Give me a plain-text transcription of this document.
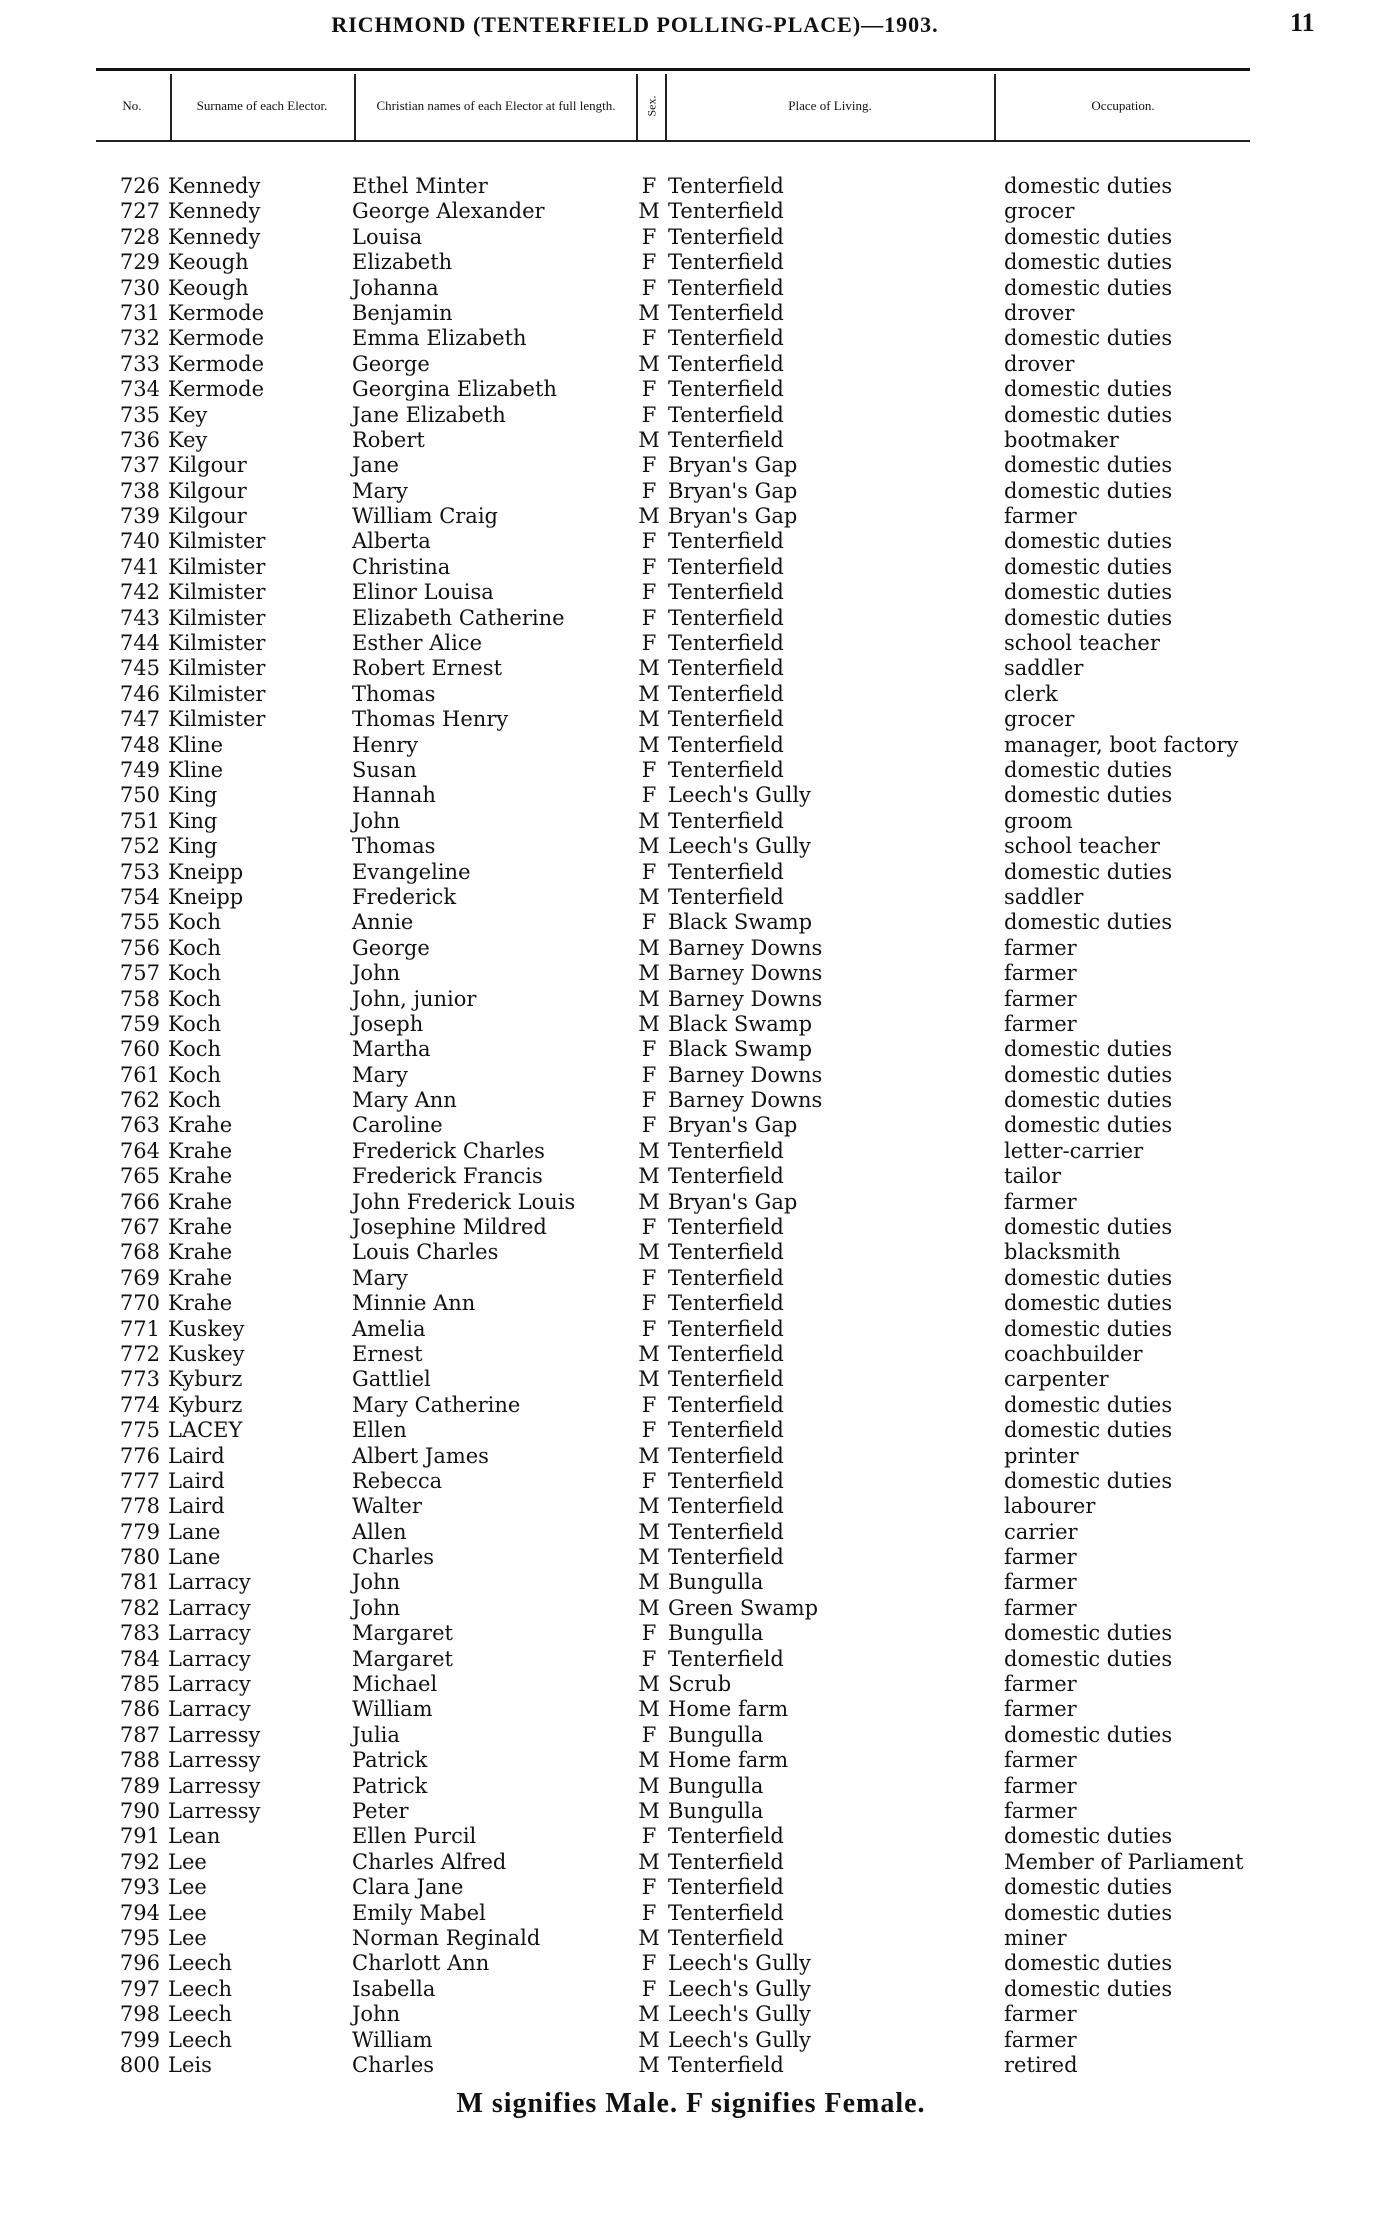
RICHMOND (TENTERFIELD POLLING-PLACE)—1903.	11
No.	Surname of each Elector.	Christian names of each Elector at full length.	Sex.	Place of Living.	Occupation.
726 Kennedy	Ethel Minter	F Tenterfield	domestic duties
727 Kennedy	George Alexander	M Tenterfield	grocer
728 Kennedy	Louisa	F Tenterfield	domestic duties
729 Keough	Elizabeth	F Tenterfield	domestic duties
730 Keough	Johanna	F Tenterfield	domestic duties
731 Kermode	Benjamin	M Tenterfield	drover
732 Kermode	Emma Elizabeth	F Tenterfield	domestic duties
733 Kermode	George	M Tenterfield	drover
734 Kermode	Georgina Elizabeth	F Tenterfield	domestic duties
735 Key	Jane Elizabeth	F Tenterfield	domestic duties
736 Key	Robert	M Tenterfield	bootmaker
737 Kilgour	Jane	F Bryan's Gap	domestic duties
738 Kilgour	Mary	F Bryan's Gap	domestic duties
739 Kilgour	William Craig	M Bryan's Gap	farmer
740 Kilmister	Alberta	F Tenterfield	domestic duties
741 Kilmister	Christina	F Tenterfield	domestic duties
742 Kilmister	Elinor Louisa	F Tenterfield	domestic duties
743 Kilmister	Elizabeth Catherine	F Tenterfield	domestic duties
744 Kilmister	Esther Alice	F Tenterfield	school teacher
745 Kilmister	Robert Ernest	M Tenterfield	saddler
746 Kilmister	Thomas	M Tenterfield	clerk
747 Kilmister	Thomas Henry	M Tenterfield	grocer
748 Kline	Henry	M Tenterfield	manager, boot factory
749 Kline	Susan	F Tenterfield	domestic duties
750 King	Hannah	F Leech's Gully	domestic duties
751 King	John	M Tenterfield	groom
752 King	Thomas	M Leech's Gully	school teacher
753 Kneipp	Evangeline	F Tenterfield	domestic duties
754 Kneipp	Frederick	M Tenterfield	saddler
755 Koch	Annie	F Black Swamp	domestic duties
756 Koch	George	M Barney Downs	farmer
757 Koch	John	M Barney Downs	farmer
758 Koch	John, junior	M Barney Downs	farmer
759 Koch	Joseph	M Black Swamp	farmer
760 Koch	Martha	F Black Swamp	domestic duties
761 Koch	Mary	F Barney Downs	domestic duties
762 Koch	Mary Ann	F Barney Downs	domestic duties
763 Krahe	Caroline	F Bryan's Gap	domestic duties
764 Krahe	Frederick Charles	M Tenterfield	letter-carrier
765 Krahe	Frederick Francis	M Tenterfield	tailor
766 Krahe	John Frederick Louis	M Bryan's Gap	farmer
767 Krahe	Josephine Mildred	F Tenterfield	domestic duties
768 Krahe	Louis Charles	M Tenterfield	blacksmith
769 Krahe	Mary	F Tenterfield	domestic duties
770 Krahe	Minnie Ann	F Tenterfield	domestic duties
771 Kuskey	Amelia	F Tenterfield	domestic duties
772 Kuskey	Ernest	M Tenterfield	coachbuilder
773 Kyburz	Gattliel	M Tenterfield	carpenter
774 Kyburz	Mary Catherine	F Tenterfield	domestic duties
775 LACEY	Ellen	F Tenterfield	domestic duties
776 Laird	Albert James	M Tenterfield	printer
777 Laird	Rebecca	F Tenterfield	domestic duties
778 Laird	Walter	M Tenterfield	labourer
779 Lane	Allen	M Tenterfield	carrier
780 Lane	Charles	M Tenterfield	farmer
781 Larracy	John	M Bungulla	farmer
782 Larracy	John	M Green Swamp	farmer
783 Larracy	Margaret	F Bungulla	domestic duties
784 Larracy	Margaret	F Tenterfield	domestic duties
785 Larracy	Michael	M Scrub	farmer
786 Larracy	William	M Home farm	farmer
787 Larressy	Julia	F Bungulla	domestic duties
788 Larressy	Patrick	M Home farm	farmer
789 Larressy	Patrick	M Bungulla	farmer
790 Larressy	Peter	M Bungulla	farmer
791 Lean	Ellen Purcil	F Tenterfield	domestic duties
792 Lee	Charles Alfred	M Tenterfield	Member of Parliament
793 Lee	Clara Jane	F Tenterfield	domestic duties
794 Lee	Emily Mabel	F Tenterfield	domestic duties
795 Lee	Norman Reginald	M Tenterfield	miner
796 Leech	Charlott Ann	F Leech's Gully	domestic duties
797 Leech	Isabella	F Leech's Gully	domestic duties
798 Leech	John	M Leech's Gully	farmer
799 Leech	William	M Leech's Gully	farmer
800 Leis	Charles	M Tenterfield	retired
M signifies Male. F signifies Female.
